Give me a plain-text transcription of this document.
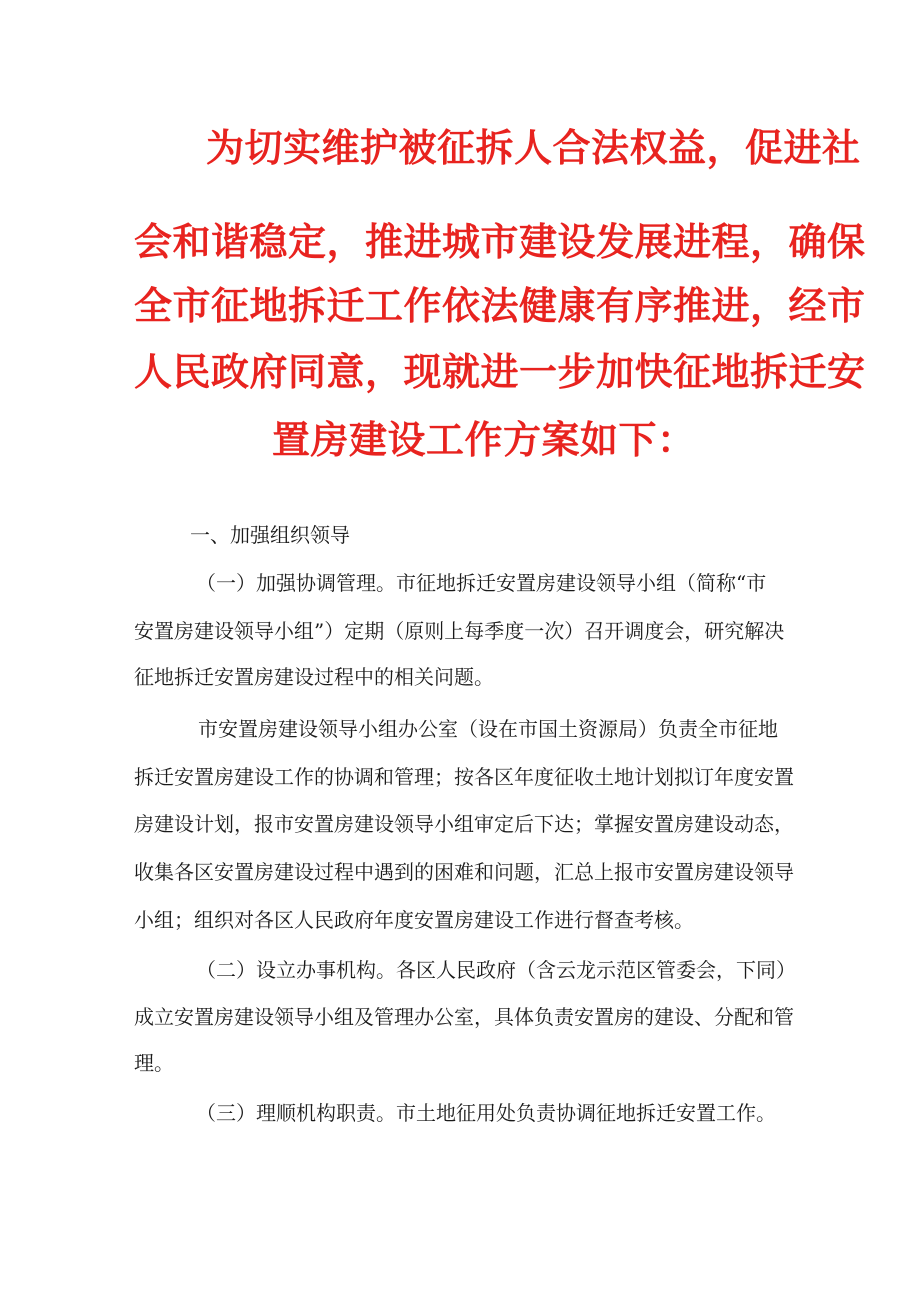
为切实维护被征拆人合法权益，促进社
会和谐稳定，推进城市建设发展进程，确保
全市征地拆迁工作依法健康有序推进，经市
人民政府同意，现就进一步加快征地拆迁安
置房建设工作方案如下：
一、加强组织领导
（一）加强协调管理。市征地拆迁安置房建设领导小组（简称“市
安置房建设领导小组”）定期（原则上每季度一次）召开调度会，研究解决
征地拆迁安置房建设过程中的相关问题。
市安置房建设领导小组办公室（设在市国土资源局）负责全市征地
拆迁安置房建设工作的协调和管理；按各区年度征收土地计划拟订年度安置
房建设计划，报市安置房建设领导小组审定后下达；掌握安置房建设动态，
收集各区安置房建设过程中遇到的困难和问题，汇总上报市安置房建设领导
小组；组织对各区人民政府年度安置房建设工作进行督查考核。
（二）设立办事机构。各区人民政府（含云龙示范区管委会，下同）
成立安置房建设领导小组及管理办公室，具体负责安置房的建设、分配和管
理。
（三）理顺机构职责。市土地征用处负责协调征地拆迁安置工作。
